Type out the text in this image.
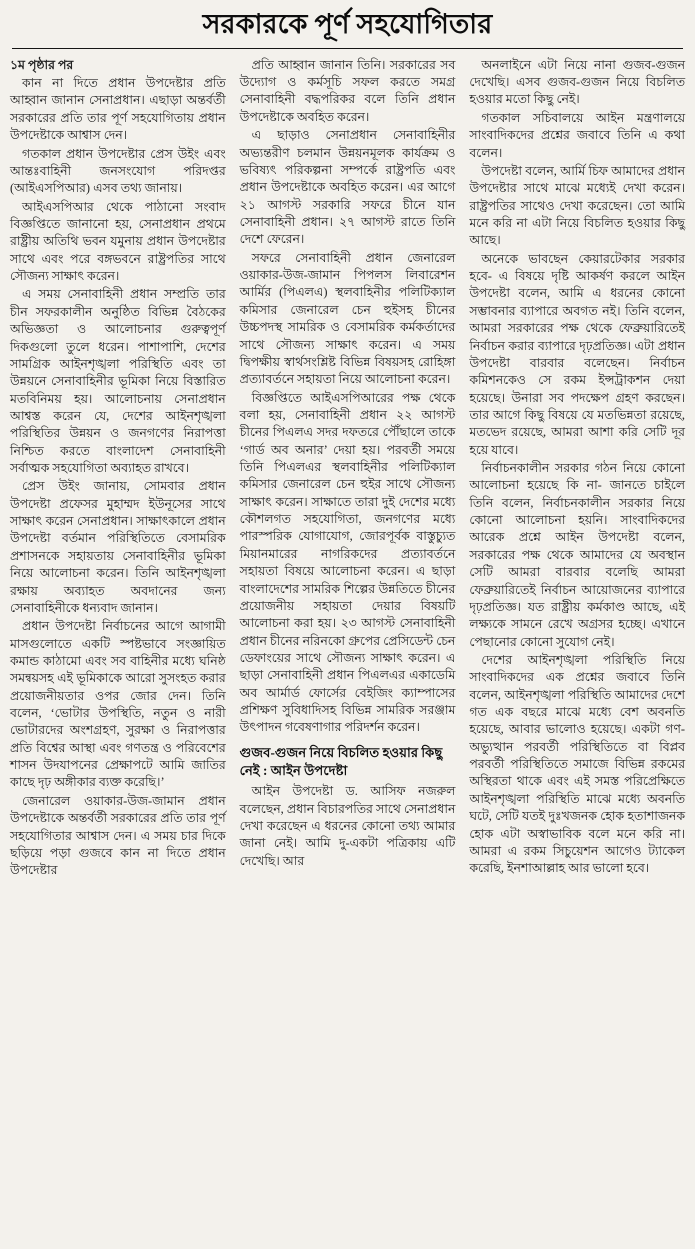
সরকারকে পূর্ণ সহযোগিতার

১ম পৃষ্ঠার পর

কান না দিতে প্রধান উপদেষ্টার প্রতি আহ্বান জানান সেনাপ্রধান। এছাড়া অন্তর্বর্তী সরকারের প্রতি তার পূর্ণ সহযোগিতায় প্রধান উপদেষ্টাকে আশ্বাস দেন।

গতকাল প্রধান উপদেষ্টার প্রেস উইং এবং আন্তঃবাহিনী জনসংযোগ পরিদপ্তর (আইএসপিআর) এসব তথ্য জানায়।

আইএসপিআর থেকে পাঠানো সংবাদ বিজ্ঞপ্তিতে জানানো হয়, সেনাপ্রধান প্রথমে রাষ্ট্রীয় অতিথি ভবন যমুনায় প্রধান উপদেষ্টার সাথে এবং পরে বঙ্গভবনে রাষ্ট্রপতির সাথে সৌজন্য সাক্ষাৎ করেন।

এ সময় সেনাবাহিনী প্রধান সম্প্রতি তার চীন সফরকালীন অনুষ্ঠিত বিভিন্ন বৈঠকের অভিজ্ঞতা ও আলোচনার গুরুত্বপূর্ণ দিকগুলো তুলে ধরেন। পাশাপাশি, দেশের সামগ্রিক আইনশৃঙ্খলা পরিস্থিতি এবং তা উন্নয়নে সেনাবাহিনীর ভূমিকা নিয়ে বিস্তারিত মতবিনিময় হয়। আলোচনায় সেনাপ্রধান আশ্বস্ত করেন যে, দেশের আইনশৃঙ্খলা পরিস্থিতির উন্নয়ন ও জনগণের নিরাপত্তা নিশ্চিত করতে বাংলাদেশ সেনাবাহিনী সর্বাত্মক সহযোগিতা অব্যাহত রাখবে।

প্রেস উইং জানায়, সোমবার প্রধান উপদেষ্টা প্রফেসর মুহাম্মদ ইউনূসের সাথে সাক্ষাৎ করেন সেনাপ্রধান। সাক্ষাৎকালে প্রধান উপদেষ্টা বর্তমান পরিস্থিতিতে বেসামরিক প্রশাসনকে সহায়তায় সেনাবাহিনীর ভূমিকা নিয়ে আলোচনা করেন। তিনি আইনশৃঙ্খলা রক্ষায় অব্যাহত অবদানের জন্য সেনাবাহিনীকে ধন্যবাদ জানান।

প্রধান উপদেষ্টা নির্বাচনের আগে আগামী মাসগুলোতে একটি স্পষ্টভাবে সংজ্ঞায়িত কমান্ড কাঠামো এবং সব বাহিনীর মধ্যে ঘনিষ্ঠ সমন্বয়সহ এই ভূমিকাকে আরো সুসংহত করার প্রয়োজনীয়তার ওপর জোর দেন। তিনি বলেন, ‘ভোটার উপস্থিতি, নতুন ও নারী ভোটারদের অংশগ্রহণ, সুরক্ষা ও নিরাপত্তার প্রতি বিশ্বের আস্থা এবং গণতন্ত্র ও পরিবেশের শাসন উদযাপনের প্রেক্ষাপটে আমি জাতির কাছে দৃঢ় অঙ্গীকার ব্যক্ত করেছি।’

জেনারেল ওয়াকার-উজ-জামান প্রধান উপদেষ্টাকে অন্তর্বর্তী সরকারের প্রতি তার পূর্ণ সহযোগিতার আশ্বাস দেন। এ সময় চার দিকে ছড়িয়ে পড়া গুজবে কান না দিতে প্রধান উপদেষ্টার

প্রতি আহ্বান জানান তিনি। সরকারের সব উদ্যোগ ও কর্মসূচি সফল করতে সমগ্র সেনাবাহিনী বদ্ধপরিকর বলে তিনি প্রধান উপদেষ্টাকে অবহিত করেন।

এ ছাড়াও সেনাপ্রধান সেনাবাহিনীর অভ্যন্তরীণ চলমান উন্নয়নমূলক কার্যক্রম ও ভবিষ্যৎ পরিকল্পনা সম্পর্কে রাষ্ট্রপতি এবং প্রধান উপদেষ্টাকে অবহিত করেন। এর আগে ২১ আগস্ট সরকারি সফরে চীনে যান সেনাবাহিনী প্রধান। ২৭ আগস্ট রাতে তিনি দেশে ফেরেন।

সফরে সেনাবাহিনী প্রধান জেনারেল ওয়াকার-উজ-জামান পিপলস লিবারেশন আর্মির (পিএলএ) স্থলবাহিনীর পলিটিক্যাল কমিসার জেনারেল চেন হুইসহ চীনের উচ্চপদস্থ সামরিক ও বেসামরিক কর্মকর্তাদের সাথে সৌজন্য সাক্ষাৎ করেন। এ সময় দ্বিপক্ষীয় স্বার্থসংশ্লিষ্ট বিভিন্ন বিষয়সহ রোহিঙ্গা প্রত্যাবর্তনে সহায়তা নিয়ে আলোচনা করেন।

বিজ্ঞপ্তিতে আইএসপিআরের পক্ষ থেকে বলা হয়, সেনাবাহিনী প্রধান ২২ আগস্ট চীনের পিএলএ সদর দফতরে পৌঁছালে তাকে ‘গার্ড অব অনার’ দেয়া হয়। পরবর্তী সময়ে তিনি পিএলএর স্থলবাহিনীর পলিটিক্যাল কমিসার জেনারেল চেন হুইর সাথে সৌজন্য সাক্ষাৎ করেন। সাক্ষাতে তারা দুই দেশের মধ্যে কৌশলগত সহযোগিতা, জনগণের মধ্যে পারস্পরিক যোগাযোগ, জোরপূর্বক বাস্তুচ্যুত মিয়ানমারের নাগরিকদের প্রত্যাবর্তনে সহায়তা বিষয়ে আলোচনা করেন। এ ছাড়া বাংলাদেশের সামরিক শিল্পের উন্নতিতে চীনের প্রয়োজনীয় সহায়তা দেয়ার বিষয়টি আলোচনা করা হয়। ২৩ আগস্ট সেনাবাহিনী প্রধান চীনের নরিনকো গ্রুপের প্রেসিডেন্ট চেন ডেফাংয়ের সাথে সৌজন্য সাক্ষাৎ করেন। এ ছাড়া সেনাবাহিনী প্রধান পিএলএর একাডেমি অব আর্মার্ড ফোর্সের বেইজিং ক্যাম্পাসের প্রশিক্ষণ সুবিধাদিসহ বিভিন্ন সামরিক সরঞ্জাম উৎপাদন গবেষণাগার পরিদর্শন করেন।

গুজব-গুজন নিয়ে বিচলিত হওয়ার কিছু নেই : আইন উপদেষ্টা

আইন উপদেষ্টা ড. আসিফ নজরুল বলেছেন, প্রধান বিচারপতির সাথে সেনাপ্রধান দেখা করেছেন এ ধরনের কোনো তথ্য আমার জানা নেই। আমি দু-একটা পত্রিকায় এটি দেখেছি। আর

অনলাইনে এটা নিয়ে নানা গুজব-গুজন দেখেছি। এসব গুজব-গুজন নিয়ে বিচলিত হওয়ার মতো কিছু নেই।

গতকাল সচিবালয়ে আইন মন্ত্রণালয়ে সাংবাদিকদের প্রশ্নের জবাবে তিনি এ কথা বলেন।

উপদেষ্টা বলেন, আর্মি চিফ আমাদের প্রধান উপদেষ্টার সাথে মাঝে মধ্যেই দেখা করেন। রাষ্ট্রপতির সাথেও দেখা করেছেন। তো আমি মনে করি না এটা নিয়ে বিচলিত হওয়ার কিছু আছে।

অনেকে ভাবছেন কেয়ারটেকার সরকার হবে- এ বিষয়ে দৃষ্টি আকর্ষণ করলে আইন উপদেষ্টা বলেন, আমি এ ধরনের কোনো সম্ভাবনার ব্যাপারে অবগত নই। তিনি বলেন, আমরা সরকারের পক্ষ থেকে ফেব্রুয়ারিতেই নির্বাচন করার ব্যাপারে দৃঢ়প্রতিজ্ঞ। এটা প্রধান উপদেষ্টা বারবার বলেছেন। নির্বাচন কমিশনকেও সে রকম ইন্সট্রাকশন দেয়া হয়েছে। উনারা সব পদক্ষেপ গ্রহণ করছেন। তার আগে কিছু বিষয়ে যে মতভিন্নতা রয়েছে, মতভেদ রয়েছে, আমরা আশা করি সেটি দূর হয়ে যাবে।

নির্বাচনকালীন সরকার গঠন নিয়ে কোনো আলোচনা হয়েছে কি না- জানতে চাইলে তিনি বলেন, নির্বাচনকালীন সরকার নিয়ে কোনো আলোচনা হয়নি। সাংবাদিকদের আরেক প্রশ্নে আইন উপদেষ্টা বলেন, সরকারের পক্ষ থেকে আমাদের যে অবস্থান সেটি আমরা বারবার বলেছি আমরা ফেব্রুয়ারিতেই নির্বাচন আয়োজনের ব্যাপারে দৃঢ়প্রতিজ্ঞ। যত রাষ্ট্রীয় কর্মকাণ্ড আছে, এই লক্ষ্যকে সামনে রেখে অগ্রসর হচ্ছে। এখানে পেছানোর কোনো সুযোগ নেই।

দেশের আইনশৃঙ্খলা পরিস্থিতি নিয়ে সাংবাদিকদের এক প্রশ্নের জবাবে তিনি বলেন, আইনশৃঙ্খলা পরিস্থিতি আমাদের দেশে গত এক বছরে মাঝে মধ্যে বেশ অবনতি হয়েছে, আবার ভালোও হয়েছে। একটা গণ-অভ্যুত্থান পরবর্তী পরিস্থিতিতে বা বিপ্লব পরবর্তী পরিস্থিতিতে সমাজে বিভিন্ন রকমের অস্থিরতা থাকে এবং এই সমস্ত পরিপ্রেক্ষিতে আইনশৃঙ্খলা পরিস্থিতি মাঝে মধ্যে অবনতি ঘটে, সেটি যতই দুঃখজনক হোক হতাশাজনক হোক এটা অস্বাভাবিক বলে মনে করি না। আমরা এ রকম সিচুয়েশন আগেও ট্যাকেল করেছি, ইনশাআল্লাহ আর ভালো হবে।
